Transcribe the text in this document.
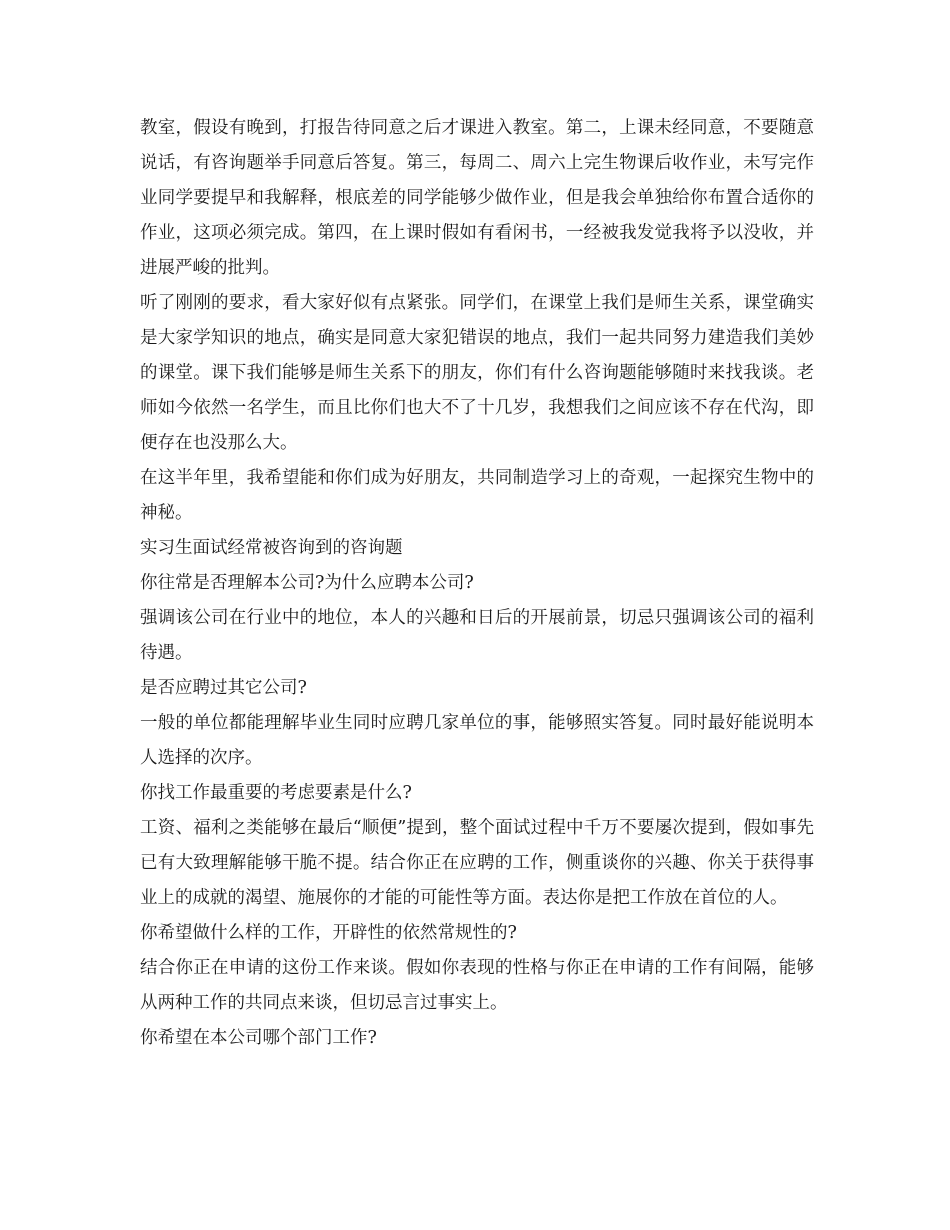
教室，假设有晚到，打报告待同意之后才课进入教室。第二，上课未经同意，不要随意说话，有咨询题举手同意后答复。第三，每周二、周六上完生物课后收作业，未写完作业同学要提早和我解释，根底差的同学能够少做作业，但是我会单独给你布置合适你的作业，这项必须完成。第四，在上课时假如有看闲书，一经被我发觉我将予以没收，并进展严峻的批判。

听了刚刚的要求，看大家好似有点紧张。同学们，在课堂上我们是师生关系，课堂确实是大家学知识的地点，确实是同意大家犯错误的地点，我们一起共同努力建造我们美妙的课堂。课下我们能够是师生关系下的朋友，你们有什么咨询题能够随时来找我谈。老师如今依然一名学生，而且比你们也大不了十几岁，我想我们之间应该不存在代沟，即便存在也没那么大。

在这半年里，我希望能和你们成为好朋友，共同制造学习上的奇观，一起探究生物中的神秘。

实习生面试经常被咨询到的咨询题

你往常是否理解本公司?为什么应聘本公司?

强调该公司在行业中的地位，本人的兴趣和日后的开展前景，切忌只强调该公司的福利待遇。

是否应聘过其它公司?

一般的单位都能理解毕业生同时应聘几家单位的事，能够照实答复。同时最好能说明本人选择的次序。

你找工作最重要的考虑要素是什么?

工资、福利之类能够在最后“顺便”提到，整个面试过程中千万不要屡次提到，假如事先已有大致理解能够干脆不提。结合你正在应聘的工作，侧重谈你的兴趣、你关于获得事业上的成就的渴望、施展你的才能的可能性等方面。表达你是把工作放在首位的人。

你希望做什么样的工作，开辟性的依然常规性的?

结合你正在申请的这份工作来谈。假如你表现的性格与你正在申请的工作有间隔，能够从两种工作的共同点来谈，但切忌言过事实上。

你希望在本公司哪个部门工作?
